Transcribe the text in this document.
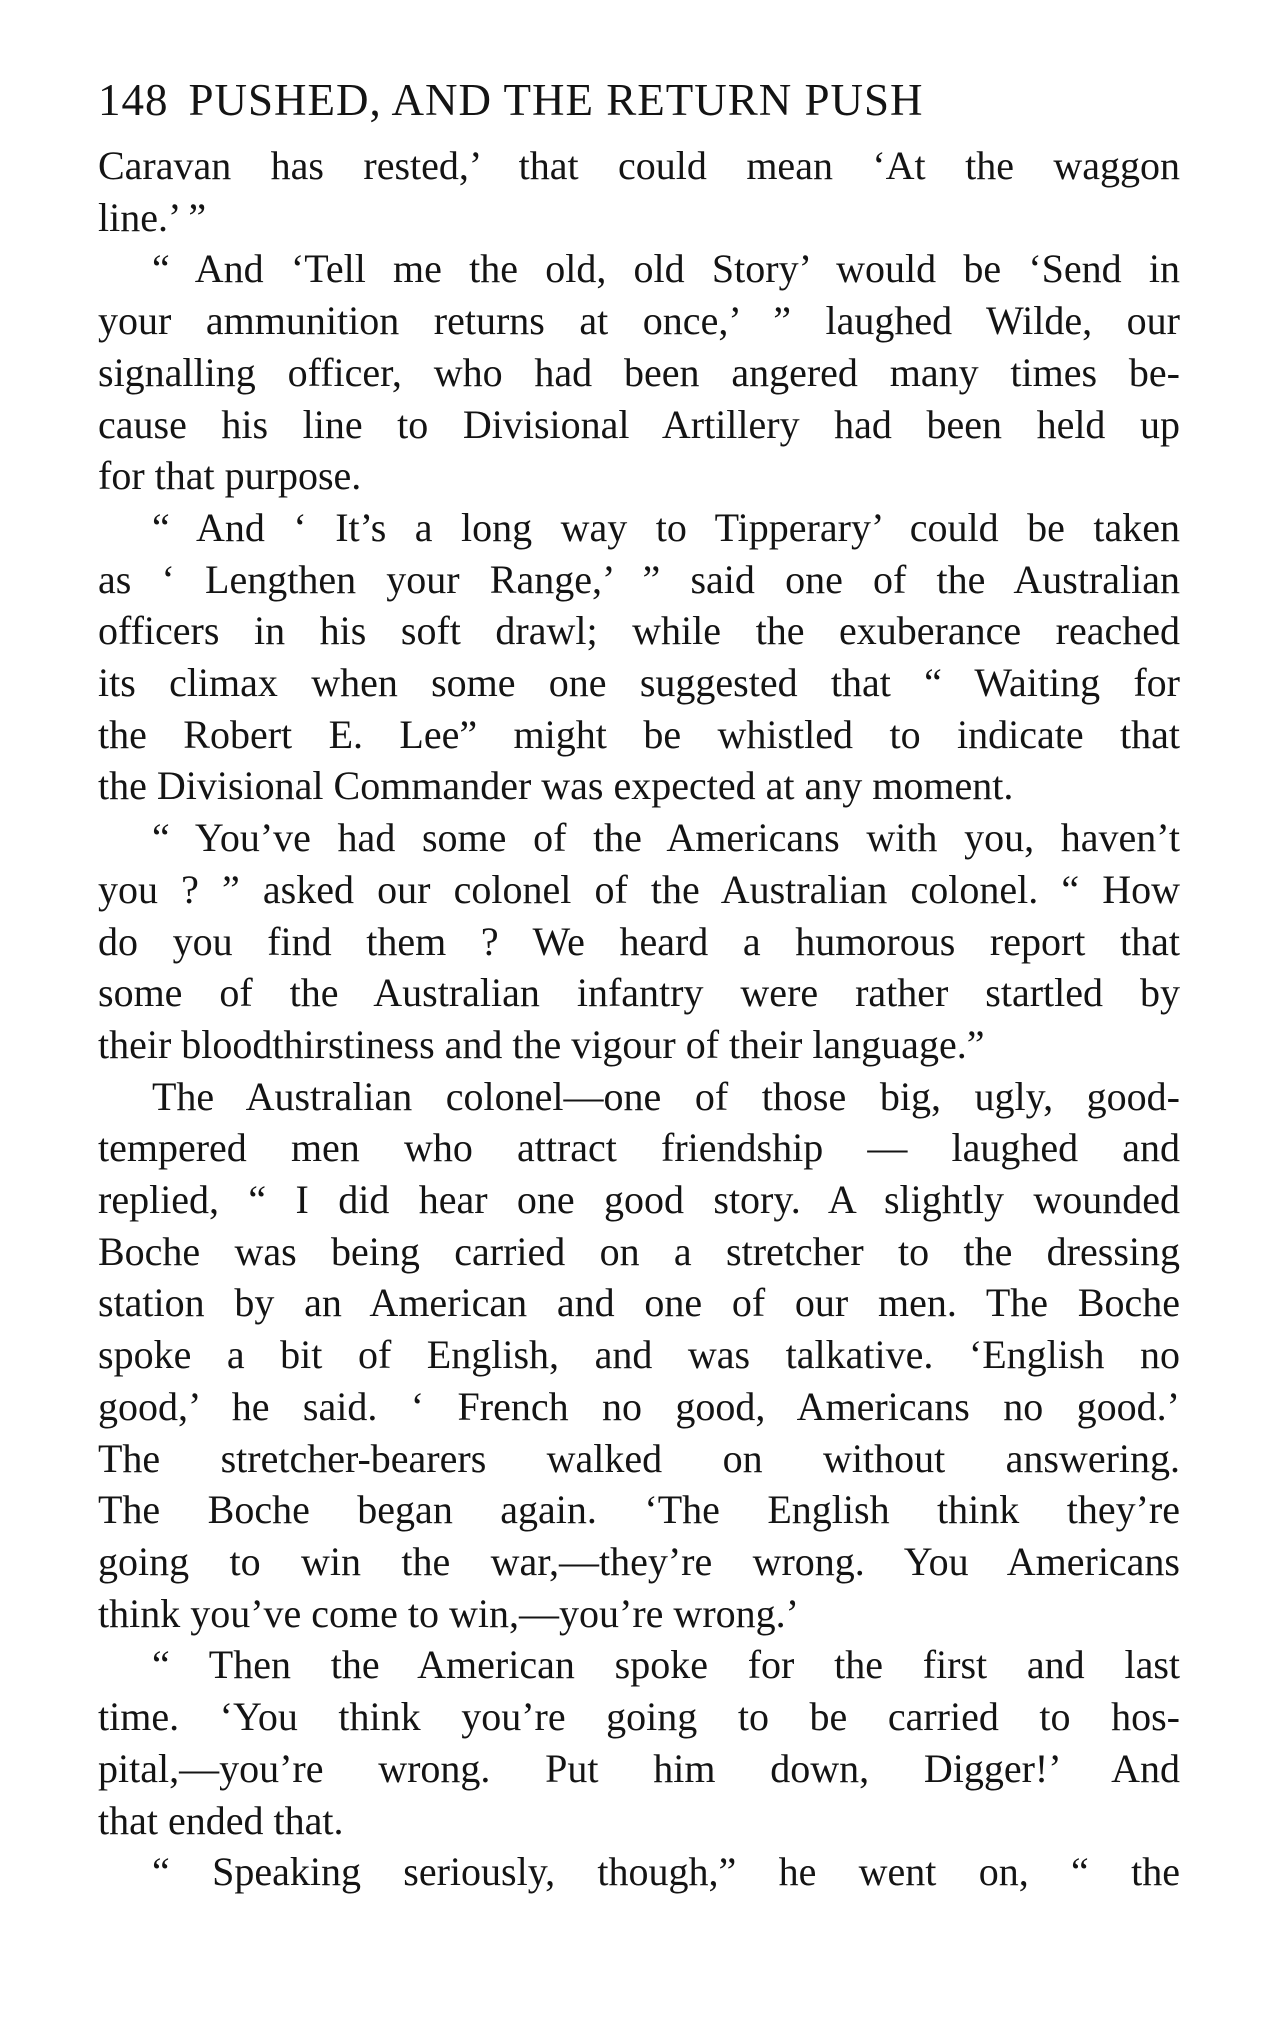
148 PUSHED, AND THE RETURN PUSH
Caravan has rested,’ that could mean ‘At the waggon
line.’ ”
“ And ‘Tell me the old, old Story’ would be ‘Send in
your ammunition returns at once,’ ” laughed Wilde, our
signalling officer, who had been angered many times be-
cause his line to Divisional Artillery had been held up
for that purpose.
“ And ‘ It’s a long way to Tipperary’ could be taken
as ‘ Lengthen your Range,’ ” said one of the Australian
officers in his soft drawl; while the exuberance reached
its climax when some one suggested that “ Waiting for
the Robert E. Lee” might be whistled to indicate that
the Divisional Commander was expected at any moment.
“ You’ve had some of the Americans with you, haven’t
you ? ” asked our colonel of the Australian colonel. “ How
do you find them ? We heard a humorous report that
some of the Australian infantry were rather startled by
their bloodthirstiness and the vigour of their language.”
The Australian colonel—one of those big, ugly, good-
tempered men who attract friendship — laughed and
replied, “ I did hear one good story. A slightly wounded
Boche was being carried on a stretcher to the dressing
station by an American and one of our men. The Boche
spoke a bit of English, and was talkative. ‘English no
good,’ he said. ‘ French no good, Americans no good.’
The stretcher-bearers walked on without answering.
The Boche began again. ‘The English think they’re
going to win the war,—they’re wrong. You Americans
think you’ve come to win,—you’re wrong.’
“ Then the American spoke for the first and last
time. ‘You think you’re going to be carried to hos-
pital,—you’re wrong. Put him down, Digger!’ And
that ended that.
“ Speaking seriously, though,” he went on, “ the
